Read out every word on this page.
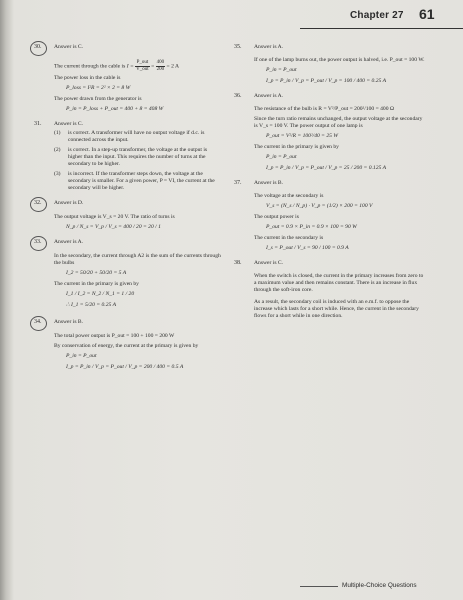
Chapter 27 61
30.	Answer is C.
The current through the cable is $I = \frac{\text{P\_out}}{\text{V\_out}} = \frac{400}{200} = 2$ A
The power loss in the cable is
P_loss = I²R = 2² × 2 = 8 W
The power drawn from the generator is
P_in = P_loss + P_out = 400 + 8 = 408 W
31.	Answer is C.
(1) is correct. A transformer will have no output voltage if d.c. is connected across the input.
(2) is correct. In a step-up transformer, the voltage at the output is higher than the input. This requires the number of turns at the secondary to be higher.
(3) is incorrect. If the transformer steps down, the voltage at the secondary is smaller. For a given power, P = VI, the current at the secondary will be higher.
32.	Answer is D.
The output voltage is V_s = 20 V. The ratio of turns is
N_p / N_s = V_p / V_s = 400 / 20 = 20 / 1
33.	Answer is A.
In the secondary, the current through A2 is the sum of the currents through the bulbs
I_2 = 50/20 + 50/20 = 5 A
The current in the primary is given by
I_1 / I_2 = N_2 / N_1 = 1 / 20
∴ I_1 = 5/20 = 0.25 A
34.	Answer is B.
The total power output is P_out = 100 + 100 = 200 W
By conservation of energy, the current at the primary is given by
P_in = P_out
I_p = P_in / V_p = P_out / V_p = 200 / 400 = 0.5 A
35.	Answer is A.
If one of the lamp burns out, the power output is halved, i.e. P_out = 100 W.
P_in = P_out
I_p = P_in / V_p = P_out / V_p = 100 / 400 = 0.25 A
36.	Answer is A.
The resistance of the bulb is R = V²/P_out = 200²/100 = 400 Ω
Since the turn ratio remains unchanged, the output voltage at the secondary is V_s = 100 V. The power output of one lamp is
P_out = V²/R = 100²/40 = 25 W
The current in the primary is given by
P_in = P_out
I_p = P_in / V_p = P_out / V_p = 25 / 200 = 0.125 A
37.	Answer is B.
The voltage at the secondary is
V_s = (N_s / N_p) · V_p = (1/2) × 200 = 100 V
The output power is
P_out = 0.9 × P_in = 0.9 × 100 = 90 W
The current in the secondary is
I_s = P_out / V_s = 90 / 100 = 0.9 A
38.	Answer is C.
When the switch is closed, the current in the primary increases from zero to a maximum value and then remains constant. There is an increase in flux through the soft-iron core.
As a result, the secondary coil is induced with an e.m.f. to oppose the increase which lasts for a short while. Hence, the current in the secondary flows for a short while in one direction.
Multiple-Choice Questions
